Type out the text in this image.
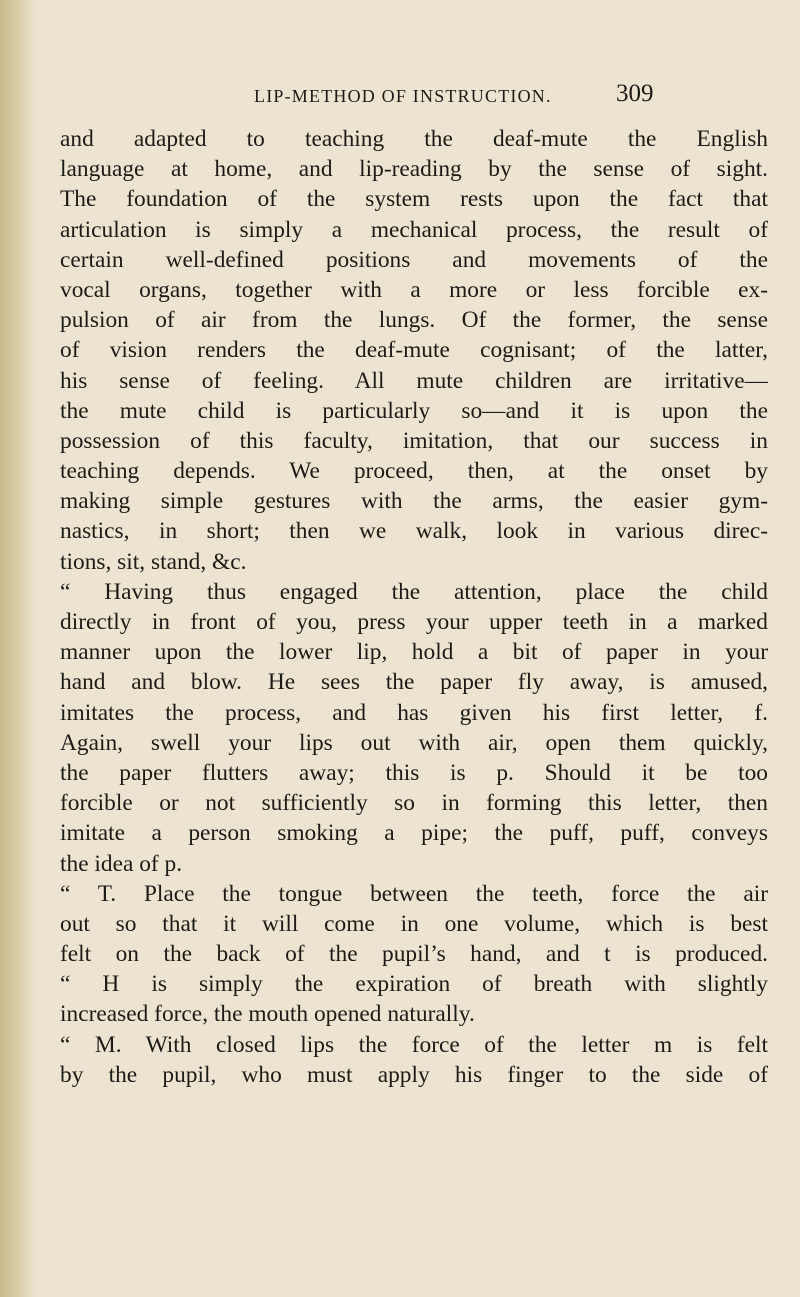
LIP-METHOD OF INSTRUCTION.	309
and adapted to teaching the deaf-mute the English
language at home, and lip-reading by the sense of sight.
The foundation of the system rests upon the fact that
articulation is simply a mechanical process, the result of
certain well-defined positions and movements of the
vocal organs, together with a more or less forcible ex-
pulsion of air from the lungs. Of the former, the sense
of vision renders the deaf-mute cognisant; of the latter,
his sense of feeling. All mute children are irritative—
the mute child is particularly so—and it is upon the
possession of this faculty, imitation, that our success in
teaching depends. We proceed, then, at the onset by
making simple gestures with the arms, the easier gym-
nastics, in short; then we walk, look in various direc-
tions, sit, stand, &c.
“ Having thus engaged the attention, place the child
directly in front of you, press your upper teeth in a marked
manner upon the lower lip, hold a bit of paper in your
hand and blow. He sees the paper fly away, is amused,
imitates the process, and has given his first letter, f.
Again, swell your lips out with air, open them quickly,
the paper flutters away; this is p. Should it be too
forcible or not sufficiently so in forming this letter, then
imitate a person smoking a pipe; the puff, puff, conveys
the idea of p.
“ T. Place the tongue between the teeth, force the air
out so that it will come in one volume, which is best
felt on the back of the pupil’s hand, and t is produced.
“ H is simply the expiration of breath with slightly
increased force, the mouth opened naturally.
“ M. With closed lips the force of the letter m is felt
by the pupil, who must apply his finger to the side of
